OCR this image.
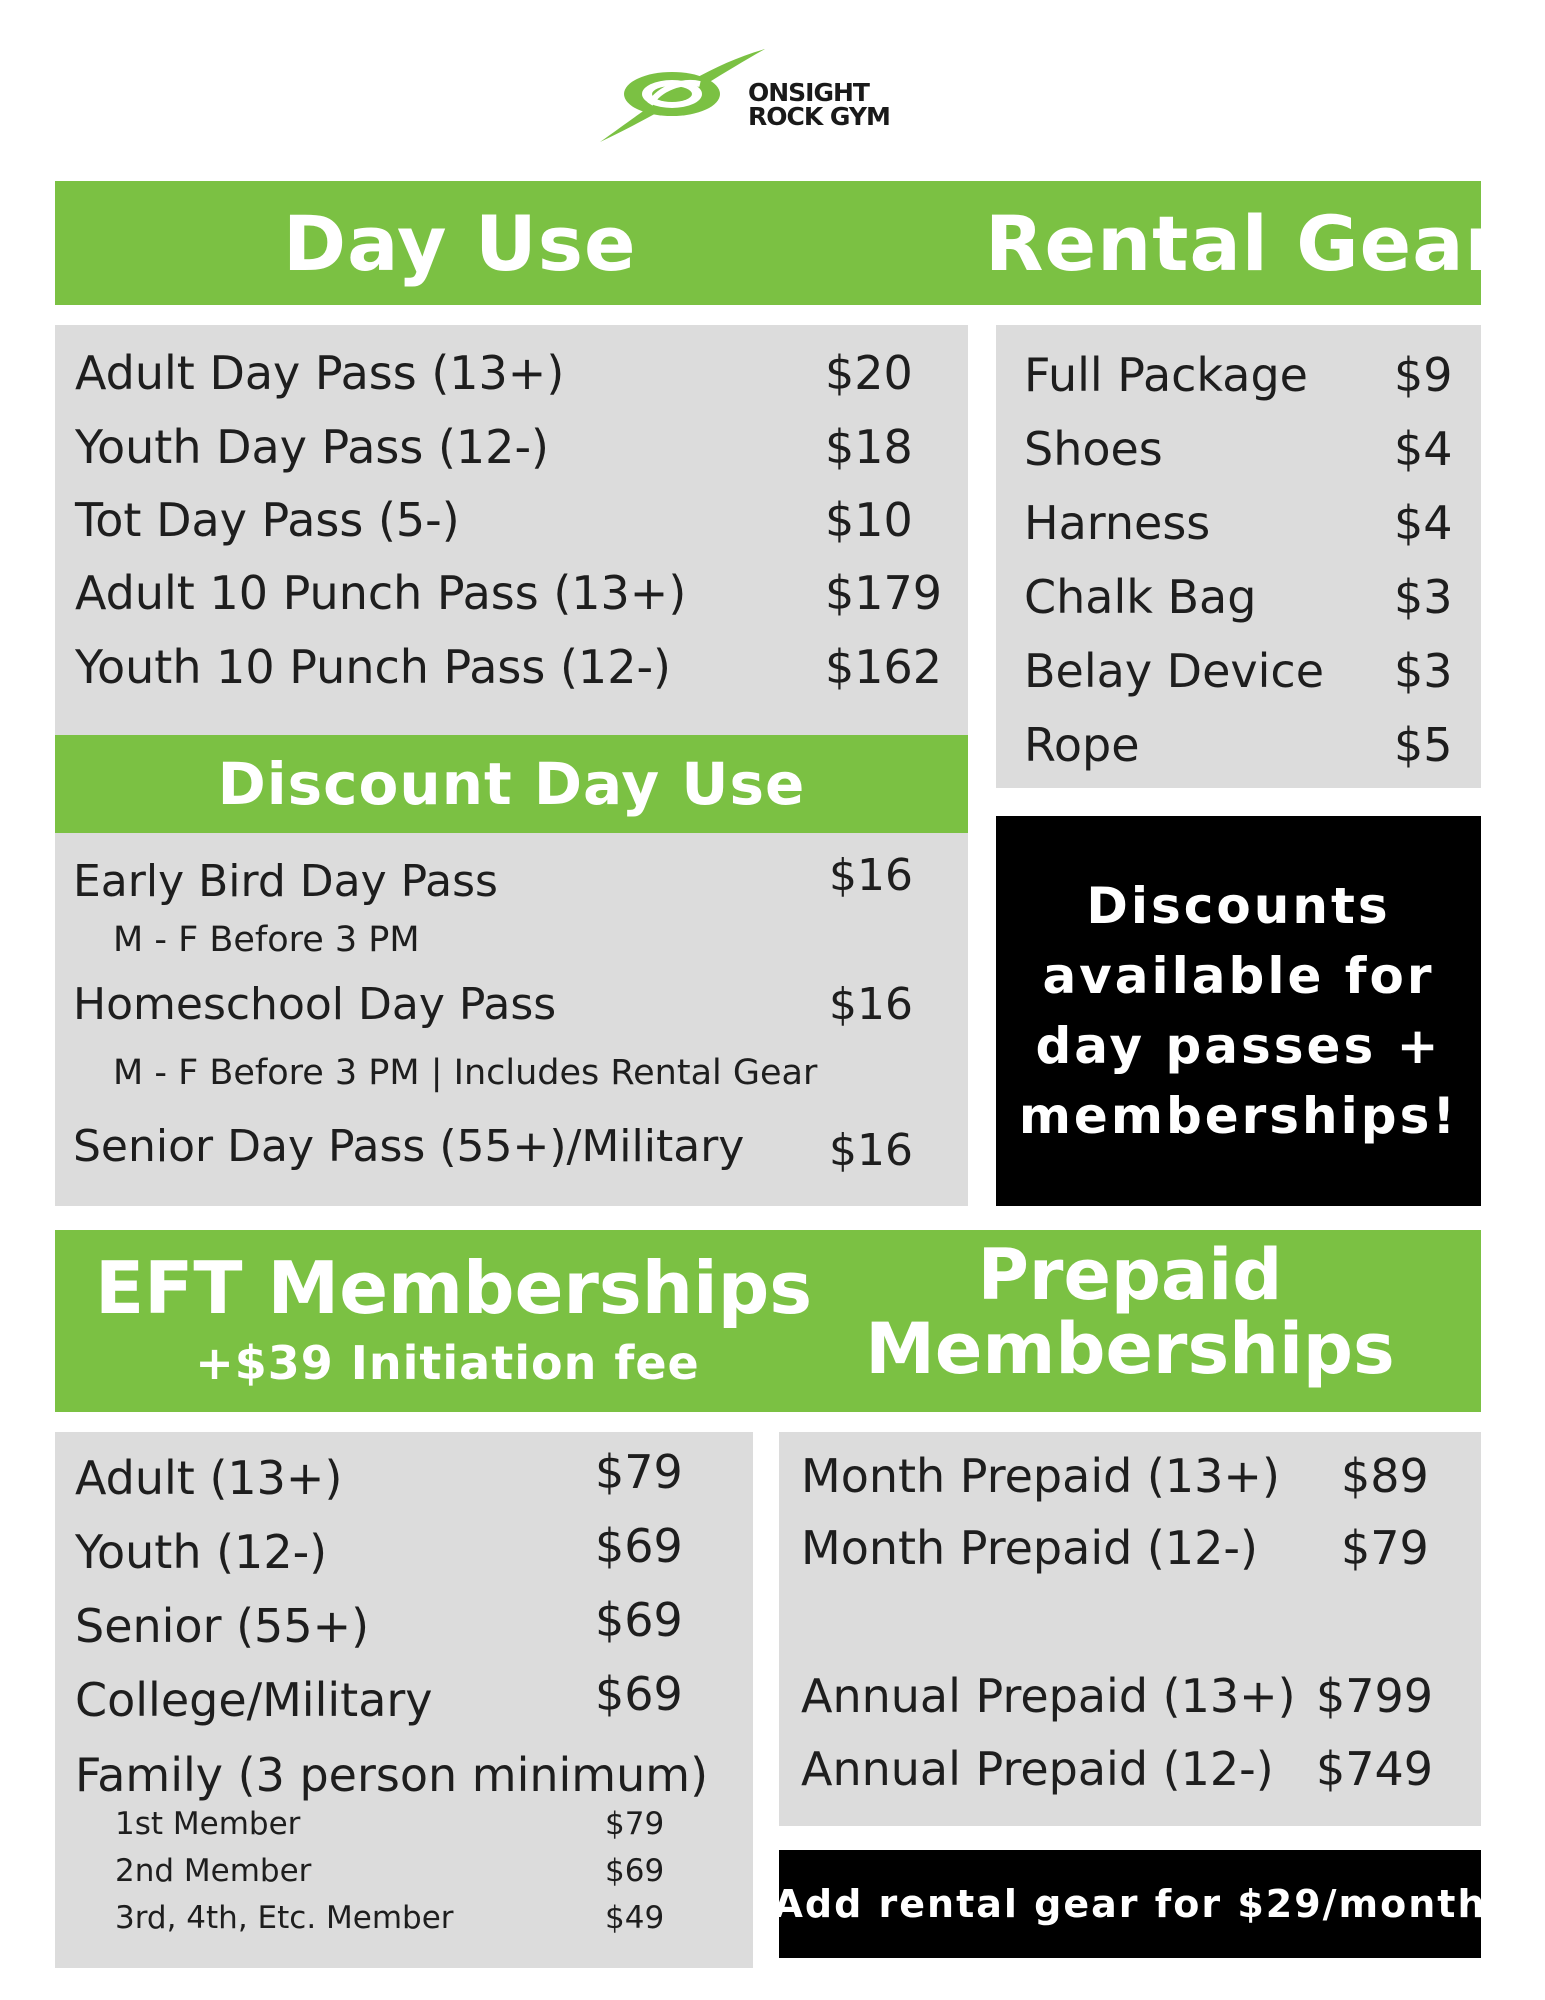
ONSIGHT
ROCK GYM
Day Use	Rental Gear
Adult Day Pass (13+)	$20
Youth Day Pass (12-)	$18
Tot Day Pass (5-)	$10
Adult 10 Punch Pass (13+)	$179
Youth 10 Punch Pass (12-)	$162
Discount Day Use
Early Bird Day Pass	$16
M - F Before 3 PM
Homeschool Day Pass	$16
M - F Before 3 PM | Includes Rental Gear
Senior Day Pass (55+)/Military $16
Full Package $9
Shoes	$4
Harness	$4
Chalk Bag	$3
Belay Device $3
Rope	$5
Discounts
available for
day passes +
memberships!
EFT Memberships
+$39 Initiation fee
Prepaid
Memberships
Adult (13+)	$79
Youth (12-)	$69
Senior (55+)	$69
College/Military	$69
Family (3 person minimum)
1st Member	$79
2nd Member	$69
3rd, 4th, Etc. Member	$49
Month Prepaid (13+) $89
Month Prepaid (12-) $79
Annual Prepaid (13+) $799
Annual Prepaid (12-) $749
Add rental gear for $29/month
